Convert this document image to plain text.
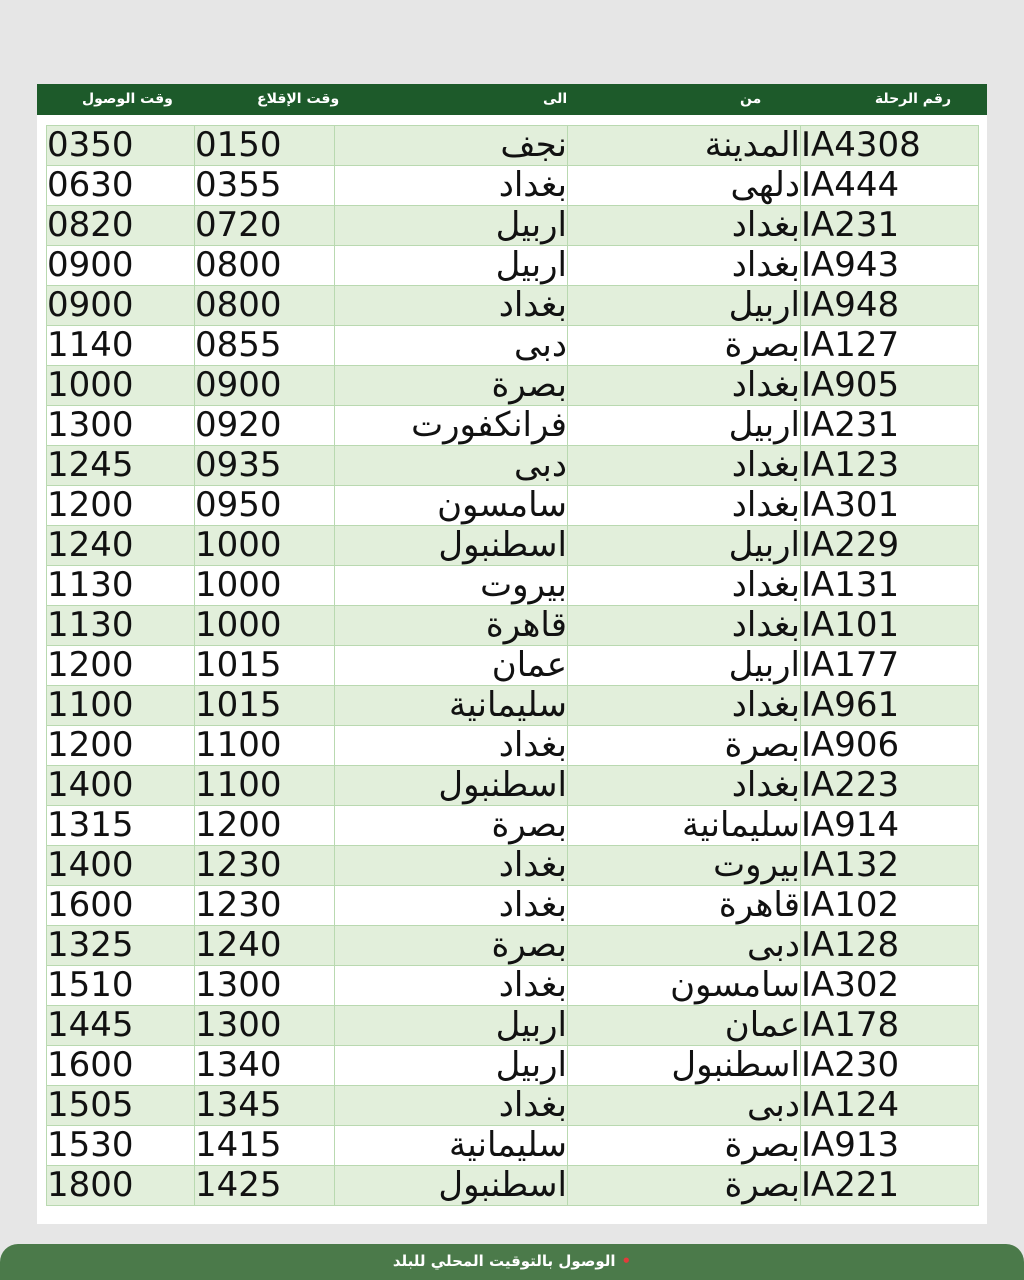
وقت الوصول	وقت الإقلاع	الى	من	رقم الرحلة
0350	0150	نجف	المدينة	IA4308
0630	0355	بغداد	دلهى	IA444
0820	0720	اربيل	بغداد	IA231
0900	0800	اربيل	بغداد	IA943
0900	0800	بغداد	اربيل	IA948
1140	0855	دبى	بصرة	IA127
1000	0900	بصرة	بغداد	IA905
1300	0920	فرانكفورت	اربيل	IA231
1245	0935	دبى	بغداد	IA123
1200	0950	سامسون	بغداد	IA301
1240	1000	اسطنبول	اربيل	IA229
1130	1000	بيروت	بغداد	IA131
1130	1000	قاهرة	بغداد	IA101
1200	1015	عمان	اربيل	IA177
1100	1015	سليمانية	بغداد	IA961
1200	1100	بغداد	بصرة	IA906
1400	1100	اسطنبول	بغداد	IA223
1315	1200	بصرة	سليمانية	IA914
1400	1230	بغداد	بيروت	IA132
1600	1230	بغداد	قاهرة	IA102
1325	1240	بصرة	دبى	IA128
1510	1300	بغداد	سامسون	IA302
1445	1300	اربيل	عمان	IA178
1600	1340	اربيل	اسطنبول	IA230
1505	1345	بغداد	دبى	IA124
1530	1415	سليمانية	بصرة	IA913
1800	1425	اسطنبول	بصرة	IA221
•الوصول بالتوقيت المحلي للبلد
